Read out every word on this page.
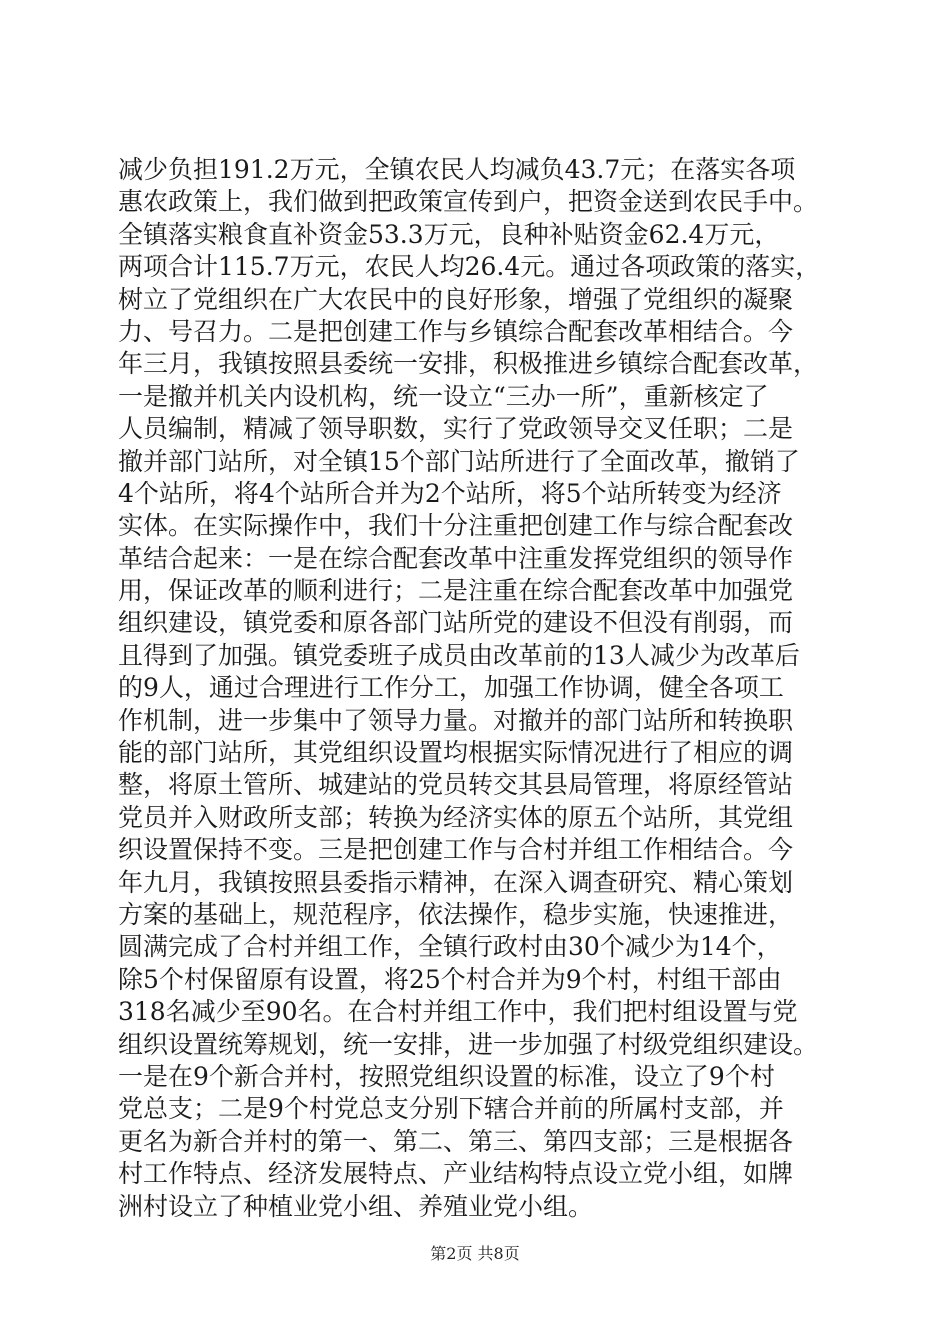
减少负担191.2万元，全镇农民人均减负43.7元；在落实各项
惠农政策上，我们做到把政策宣传到户，把资金送到农民手中。
全镇落实粮食直补资金53.3万元，良种补贴资金62.4万元，
两项合计115.7万元，农民人均26.4元。通过各项政策的落实，
树立了党组织在广大农民中的良好形象，增强了党组织的凝聚
力、号召力。二是把创建工作与乡镇综合配套改革相结合。今
年三月，我镇按照县委统一安排，积极推进乡镇综合配套改革，
一是撤并机关内设机构，统一设立“三办一所”，重新核定了
人员编制，精减了领导职数，实行了党政领导交叉任职；二是
撤并部门站所，对全镇15个部门站所进行了全面改革，撤销了
4个站所，将4个站所合并为2个站所，将5个站所转变为经济
实体。在实际操作中，我们十分注重把创建工作与综合配套改
革结合起来：一是在综合配套改革中注重发挥党组织的领导作
用，保证改革的顺利进行；二是注重在综合配套改革中加强党
组织建设，镇党委和原各部门站所党的建设不但没有削弱，而
且得到了加强。镇党委班子成员由改革前的13人减少为改革后
的9人，通过合理进行工作分工，加强工作协调，健全各项工
作机制，进一步集中了领导力量。对撤并的部门站所和转换职
能的部门站所，其党组织设置均根据实际情况进行了相应的调
整，将原土管所、城建站的党员转交其县局管理，将原经管站
党员并入财政所支部；转换为经济实体的原五个站所，其党组
织设置保持不变。三是把创建工作与合村并组工作相结合。今
年九月，我镇按照县委指示精神，在深入调查研究、精心策划
方案的基础上，规范程序，依法操作，稳步实施，快速推进，
圆满完成了合村并组工作，全镇行政村由30个减少为14个，
除5个村保留原有设置，将25个村合并为9个村，村组干部由
318名减少至90名。在合村并组工作中，我们把村组设置与党
组织设置统筹规划，统一安排，进一步加强了村级党组织建设。
一是在9个新合并村，按照党组织设置的标准，设立了9个村
党总支；二是9个村党总支分别下辖合并前的所属村支部，并
更名为新合并村的第一、第二、第三、第四支部；三是根据各
村工作特点、经济发展特点、产业结构特点设立党小组，如牌
洲村设立了种植业党小组、养殖业党小组。
第2页 共8页
